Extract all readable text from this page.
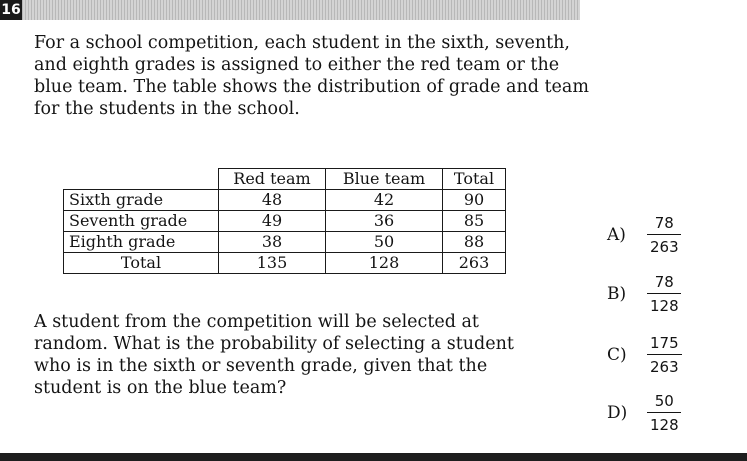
16

For a school competition, each student in the sixth, seventh, and eighth grades is assigned to either the red team or the blue team. The table shows the distribution of grade and team for the students in the school.

	Red team	Blue team	Total
Sixth grade	48	42	90
Seventh grade	49	36	85
Eighth grade	38	50	88
Total	135	128	263

A student from the competition will be selected at random. What is the probability of selecting a student who is in the sixth or seventh grade, given that the student is on the blue team?

A)	$\frac{78}{263}$
B)	$\frac{78}{128}$
C)	$\frac{175}{263}$
D)	$\frac{50}{128}$
